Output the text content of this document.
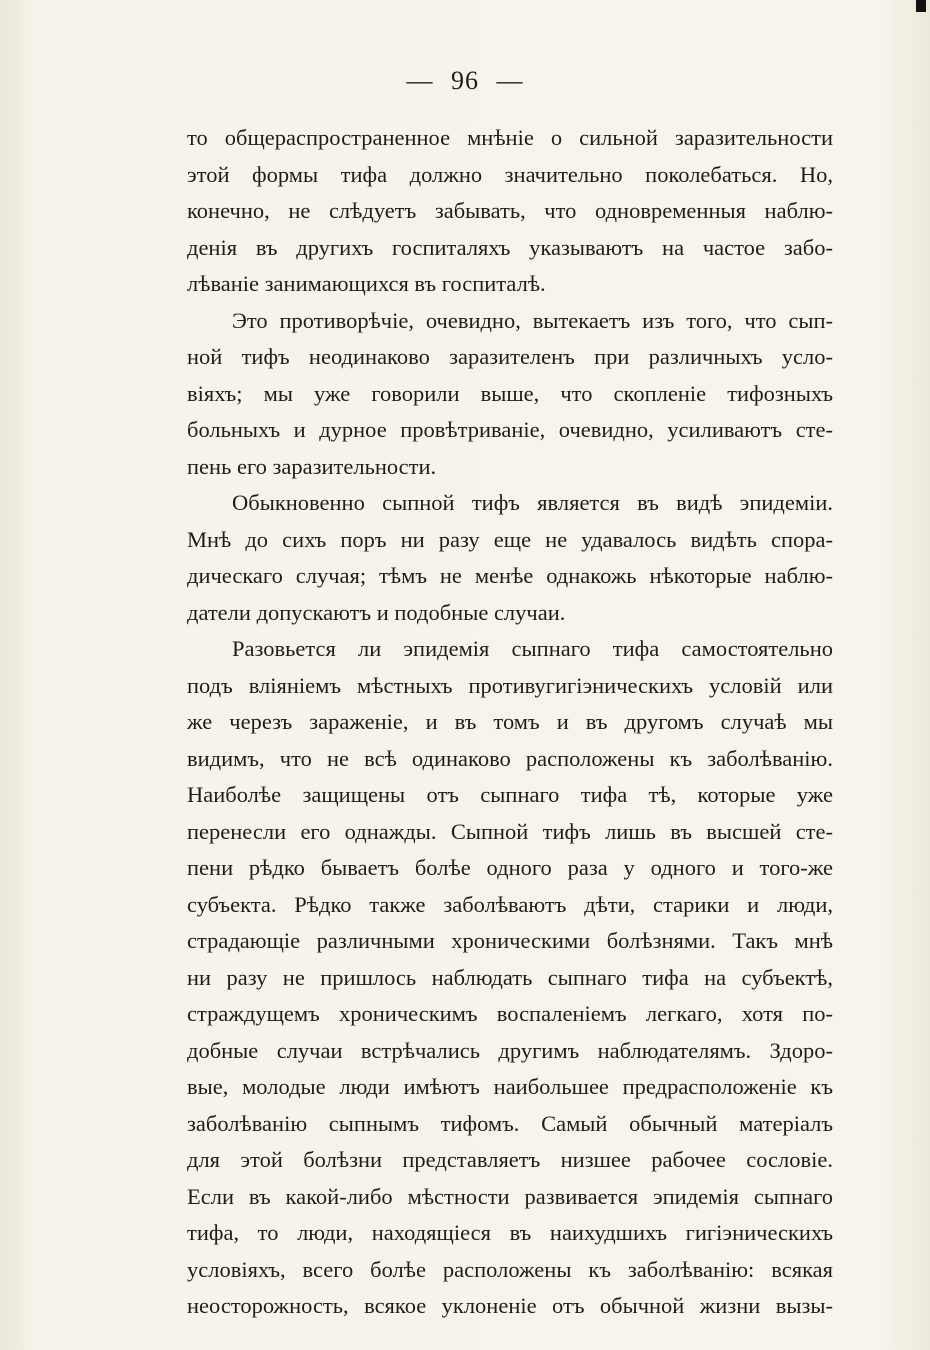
— 96 —
то общераспространенное мнѣніе о сильной заразительности
этой формы тифа должно значительно поколебаться. Но,
конечно, не слѣдуетъ забывать, что одновременныя наблю-
денія въ другихъ госпиталяхъ указываютъ на частое забо-
лѣваніе занимающихся въ госпиталѣ.
Это противорѣчіе, очевидно, вытекаетъ изъ того, что сып-
ной тифъ неодинаково заразителенъ при различныхъ усло-
віяхъ; мы уже говорили выше, что скопленіе тифозныхъ
больныхъ и дурное провѣтриваніе, очевидно, усиливаютъ сте-
пень его заразительности.
Обыкновенно сыпной тифъ является въ видѣ эпидеміи.
Мнѣ до сихъ поръ ни разу еще не удавалось видѣть спора-
дическаго случая; тѣмъ не менѣе однакожь нѣкоторые наблю-
датели допускаютъ и подобные случаи.
Разовьется ли эпидемія сыпнаго тифа самостоятельно
подъ вліяніемъ мѣстныхъ противугигіэническихъ условій или
же черезъ зараженіе, и въ томъ и въ другомъ случаѣ мы
видимъ, что не всѣ одинаково расположены къ заболѣванію.
Наиболѣе защищены отъ сыпнаго тифа тѣ, которые уже
перенесли его однажды. Сыпной тифъ лишь въ высшей сте-
пени рѣдко бываетъ болѣе одного раза у одного и того-же
субъекта. Рѣдко также заболѣваютъ дѣти, старики и люди,
страдающіе различными хроническими болѣзнями. Такъ мнѣ
ни разу не пришлось наблюдать сыпнаго тифа на субъектѣ,
страждущемъ хроническимъ воспаленіемъ легкаго, хотя по-
добные случаи встрѣчались другимъ наблюдателямъ. Здоро-
вые, молодые люди имѣютъ наибольшее предрасположеніе къ
заболѣванію сыпнымъ тифомъ. Самый обычный матеріалъ
для этой болѣзни представляетъ низшее рабочее сословіе.
Если въ какой-либо мѣстности развивается эпидемія сыпнаго
тифа, то люди, находящіеся въ наихудшихъ гигіэническихъ
условіяхъ, всего болѣе расположены къ заболѣванію: всякая
неосторожность, всякое уклоненіе отъ обычной жизни вызы-
